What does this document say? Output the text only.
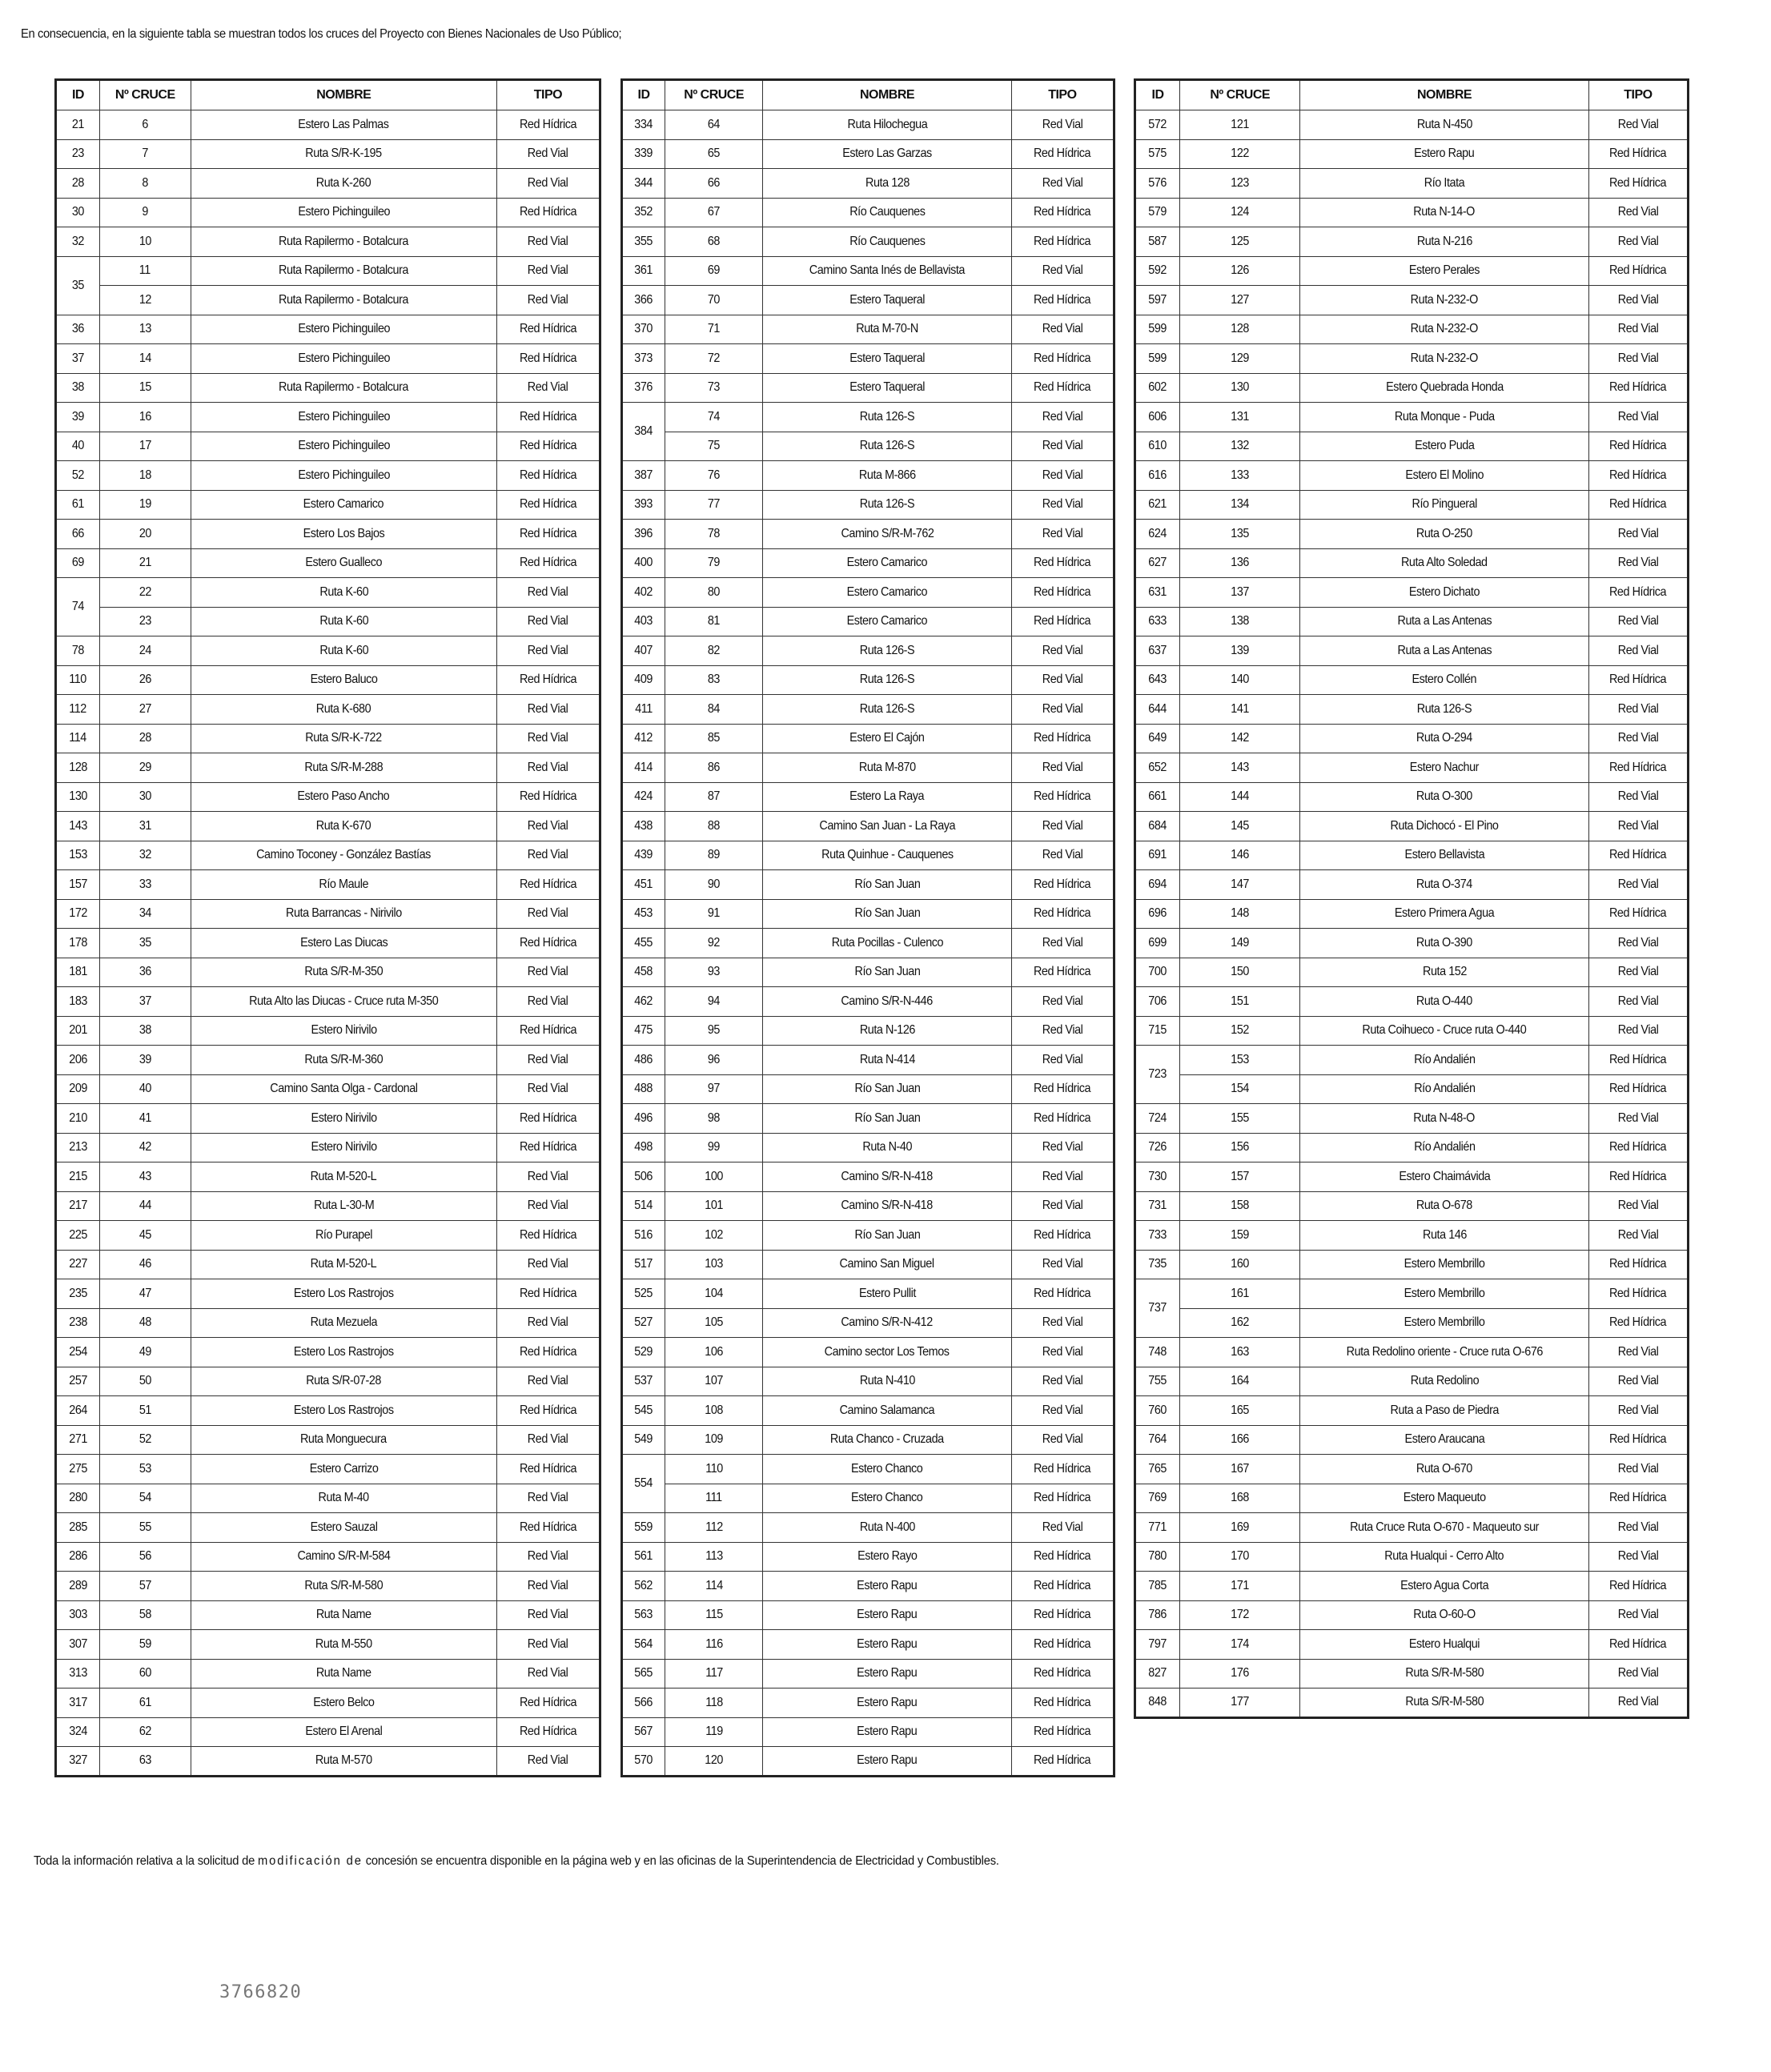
En consecuencia, en la siguiente tabla se muestran todos los cruces del Proyecto con Bienes Nacionales de Uso Público;
ID	Nº CRUCE	NOMBRE	TIPO
21	6	Estero Las Palmas	Red Hídrica
23	7	Ruta S/R-K-195	Red Vial
28	8	Ruta K-260	Red Vial
30	9	Estero Pichinguileo	Red Hídrica
32	10	Ruta Rapilermo - Botalcura	Red Vial
35	11	Ruta Rapilermo - Botalcura	Red Vial
	12	Ruta Rapilermo - Botalcura	Red Vial
36	13	Estero Pichinguileo	Red Hídrica
37	14	Estero Pichinguileo	Red Hídrica
38	15	Ruta Rapilermo - Botalcura	Red Vial
39	16	Estero Pichinguileo	Red Hídrica
40	17	Estero Pichinguileo	Red Hídrica
52	18	Estero Pichinguileo	Red Hídrica
61	19	Estero Camarico	Red Hídrica
66	20	Estero Los Bajos	Red Hídrica
69	21	Estero Gualleco	Red Hídrica
74	22	Ruta K-60	Red Vial
	23	Ruta K-60	Red Vial
78	24	Ruta K-60	Red Vial
110	26	Estero Baluco	Red Hídrica
112	27	Ruta K-680	Red Vial
114	28	Ruta S/R-K-722	Red Vial
128	29	Ruta S/R-M-288	Red Vial
130	30	Estero Paso Ancho	Red Hídrica
143	31	Ruta K-670	Red Vial
153	32	Camino Toconey - González Bastías	Red Vial
157	33	Río Maule	Red Hídrica
172	34	Ruta Barrancas - Nirivilo	Red Vial
178	35	Estero Las Diucas	Red Hídrica
181	36	Ruta S/R-M-350	Red Vial
183	37	Ruta Alto las Diucas - Cruce ruta M-350	Red Vial
201	38	Estero Nirivilo	Red Hídrica
206	39	Ruta S/R-M-360	Red Vial
209	40	Camino Santa Olga - Cardonal	Red Vial
210	41	Estero Nirivilo	Red Hídrica
213	42	Estero Nirivilo	Red Hídrica
215	43	Ruta M-520-L	Red Vial
217	44	Ruta L-30-M	Red Vial
225	45	Río Purapel	Red Hídrica
227	46	Ruta M-520-L	Red Vial
235	47	Estero Los Rastrojos	Red Hídrica
238	48	Ruta Mezuela	Red Vial
254	49	Estero Los Rastrojos	Red Hídrica
257	50	Ruta S/R-07-28	Red Vial
264	51	Estero Los Rastrojos	Red Hídrica
271	52	Ruta Monguecura	Red Vial
275	53	Estero Carrizo	Red Hídrica
280	54	Ruta M-40	Red Vial
285	55	Estero Sauzal	Red Hídrica
286	56	Camino S/R-M-584	Red Vial
289	57	Ruta S/R-M-580	Red Vial
303	58	Ruta Name	Red Vial
307	59	Ruta M-550	Red Vial
313	60	Ruta Name	Red Vial
317	61	Estero Belco	Red Hídrica
324	62	Estero El Arenal	Red Hídrica
327	63	Ruta M-570	Red Vial
ID	Nº CRUCE	NOMBRE	TIPO
334	64	Ruta Hilochegua	Red Vial
339	65	Estero Las Garzas	Red Hídrica
344	66	Ruta 128	Red Vial
352	67	Río Cauquenes	Red Hídrica
355	68	Río Cauquenes	Red Hídrica
361	69	Camino Santa Inés de Bellavista	Red Vial
366	70	Estero Taqueral	Red Hídrica
370	71	Ruta M-70-N	Red Vial
373	72	Estero Taqueral	Red Hídrica
376	73	Estero Taqueral	Red Hídrica
384	74	Ruta 126-S	Red Vial
	75	Ruta 126-S	Red Vial
387	76	Ruta M-866	Red Vial
393	77	Ruta 126-S	Red Vial
396	78	Camino S/R-M-762	Red Vial
400	79	Estero Camarico	Red Hídrica
402	80	Estero Camarico	Red Hídrica
403	81	Estero Camarico	Red Hídrica
407	82	Ruta 126-S	Red Vial
409	83	Ruta 126-S	Red Vial
411	84	Ruta 126-S	Red Vial
412	85	Estero El Cajón	Red Hídrica
414	86	Ruta M-870	Red Vial
424	87	Estero La Raya	Red Hídrica
438	88	Camino San Juan - La Raya	Red Vial
439	89	Ruta Quinhue - Cauquenes	Red Vial
451	90	Río San Juan	Red Hídrica
453	91	Río San Juan	Red Hídrica
455	92	Ruta Pocillas - Culenco	Red Vial
458	93	Río San Juan	Red Hídrica
462	94	Camino S/R-N-446	Red Vial
475	95	Ruta N-126	Red Vial
486	96	Ruta N-414	Red Vial
488	97	Río San Juan	Red Hídrica
496	98	Río San Juan	Red Hídrica
498	99	Ruta N-40	Red Vial
506	100	Camino S/R-N-418	Red Vial
514	101	Camino S/R-N-418	Red Vial
516	102	Río San Juan	Red Hídrica
517	103	Camino San Miguel	Red Vial
525	104	Estero Pullit	Red Hídrica
527	105	Camino S/R-N-412	Red Vial
529	106	Camino sector Los Temos	Red Vial
537	107	Ruta N-410	Red Vial
545	108	Camino Salamanca	Red Vial
549	109	Ruta Chanco - Cruzada	Red Vial
554	110	Estero Chanco	Red Hídrica
	111	Estero Chanco	Red Hídrica
559	112	Ruta N-400	Red Vial
561	113	Estero Rayo	Red Hídrica
562	114	Estero Rapu	Red Hídrica
563	115	Estero Rapu	Red Hídrica
564	116	Estero Rapu	Red Hídrica
565	117	Estero Rapu	Red Hídrica
566	118	Estero Rapu	Red Hídrica
567	119	Estero Rapu	Red Hídrica
570	120	Estero Rapu	Red Hídrica
ID	Nº CRUCE	NOMBRE	TIPO
572	121	Ruta N-450	Red Vial
575	122	Estero Rapu	Red Hídrica
576	123	Río Itata	Red Hídrica
579	124	Ruta N-14-O	Red Vial
587	125	Ruta N-216	Red Vial
592	126	Estero Perales	Red Hídrica
597	127	Ruta N-232-O	Red Vial
599	128	Ruta N-232-O	Red Vial
599	129	Ruta N-232-O	Red Vial
602	130	Estero Quebrada Honda	Red Hídrica
606	131	Ruta Monque - Puda	Red Vial
610	132	Estero Puda	Red Hídrica
616	133	Estero El Molino	Red Hídrica
621	134	Río Pingueral	Red Hídrica
624	135	Ruta O-250	Red Vial
627	136	Ruta Alto Soledad	Red Vial
631	137	Estero Dichato	Red Hídrica
633	138	Ruta a Las Antenas	Red Vial
637	139	Ruta a Las Antenas	Red Vial
643	140	Estero Collén	Red Hídrica
644	141	Ruta 126-S	Red Vial
649	142	Ruta O-294	Red Vial
652	143	Estero Nachur	Red Hídrica
661	144	Ruta O-300	Red Vial
684	145	Ruta Dichocó - El Pino	Red Vial
691	146	Estero Bellavista	Red Hídrica
694	147	Ruta O-374	Red Vial
696	148	Estero Primera Agua	Red Hídrica
699	149	Ruta O-390	Red Vial
700	150	Ruta 152	Red Vial
706	151	Ruta O-440	Red Vial
715	152	Ruta Coihueco - Cruce ruta O-440	Red Vial
723	153	Río Andalién	Red Hídrica
	154	Río Andalién	Red Hídrica
724	155	Ruta N-48-O	Red Vial
726	156	Río Andalién	Red Hídrica
730	157	Estero Chaimávida	Red Hídrica
731	158	Ruta O-678	Red Vial
733	159	Ruta 146	Red Vial
735	160	Estero Membrillo	Red Hídrica
737	161	Estero Membrillo	Red Hídrica
	162	Estero Membrillo	Red Hídrica
748	163	Ruta Redolino oriente - Cruce ruta O-676	Red Vial
755	164	Ruta Redolino	Red Vial
760	165	Ruta a Paso de Piedra	Red Vial
764	166	Estero Araucana	Red Hídrica
765	167	Ruta O-670	Red Vial
769	168	Estero Maqueuto	Red Hídrica
771	169	Ruta Cruce Ruta O-670 - Maqueuto sur	Red Vial
780	170	Ruta Hualqui - Cerro Alto	Red Vial
785	171	Estero Agua Corta	Red Hídrica
786	172	Ruta O-60-O	Red Vial
797	174	Estero Hualqui	Red Hídrica
827	176	Ruta S/R-M-580	Red Vial
848	177	Ruta S/R-M-580	Red Vial
Toda la información relativa a la solicitud de modificación de concesión se encuentra disponible en la página web y en las oficinas de la Superintendencia de Electricidad y Combustibles.
3766820
